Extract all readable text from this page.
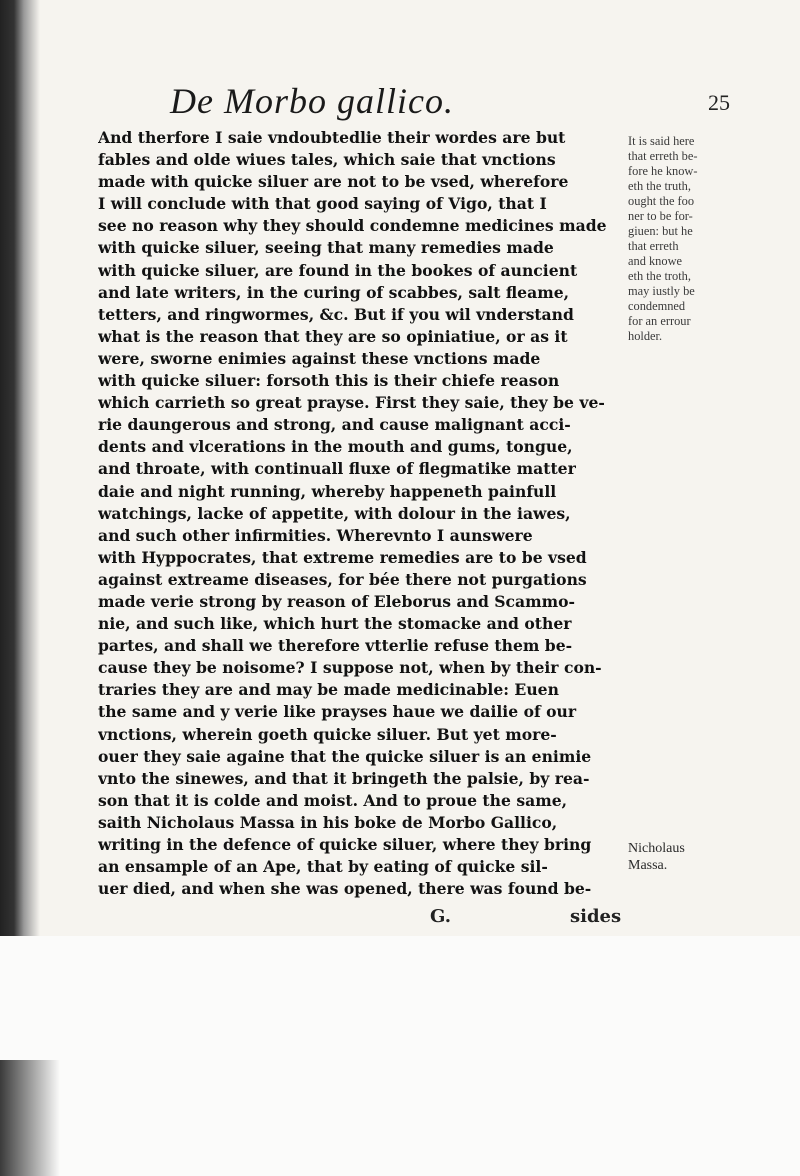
De Morbo gallico.	25
And therfore I saie vndoubtedlie their wordes are but
fables and olde wiues tales, which saie that vnctions
made with quicke siluer are not to be vsed, wherefore
I will conclude with that good saying of Vigo, that I
see no reason why they should condemne medicines made
with quicke siluer, seeing that many remedies made
with quicke siluer, are found in the bookes of auncient
and late writers, in the curing of scabbes, salt fleame,
tetters, and ringwormes, &c. But if you wil vnderstand
what is the reason that they are so opiniatiue, or as it
were, sworne enimies against these vnctions made
with quicke siluer: forsoth this is their chiefe reason
which carrieth so great prayse. First they saie, they be ve-
rie daungerous and strong, and cause malignant acci-
dents and vlcerations in the mouth and gums, tongue,
and throate, with continuall fluxe of flegmatike matter
daie and night running, whereby happeneth painfull
watchings, lacke of appetite, with dolour in the iawes,
and such other infirmities. Wherevnto I aunswere
with Hyppocrates, that extreme remedies are to be vsed
against extreame diseases, for bée there not purgations
made verie strong by reason of Eleborus and Scammo-
nie, and such like, which hurt the stomacke and other
partes, and shall we therefore vtterlie refuse them be-
cause they be noisome? I suppose not, when by their con-
traries they are and may be made medicinable: Euen
the same and y verie like prayses haue we dailie of our
vnctions, wherein goeth quicke siluer. But yet more-
ouer they saie againe that the quicke siluer is an enimie
vnto the sinewes, and that it bringeth the palsie, by rea-
son that it is colde and moist. And to proue the same,
saith Nicholaus Massa in his boke de Morbo Gallico,
writing in the defence of quicke siluer, where they bring
an ensample of an Ape, that by eating of quicke sil-
uer died, and when she was opened, there was found be-
It is said here
that erreth be-
fore he know-
eth the truth,
ought the foo
ner to be for-
giuen: but he
that erreth
and knowe
eth the troth,
may iustly be
condemned
for an errour
holder.
Nicholaus
Massa.
G.	sides
